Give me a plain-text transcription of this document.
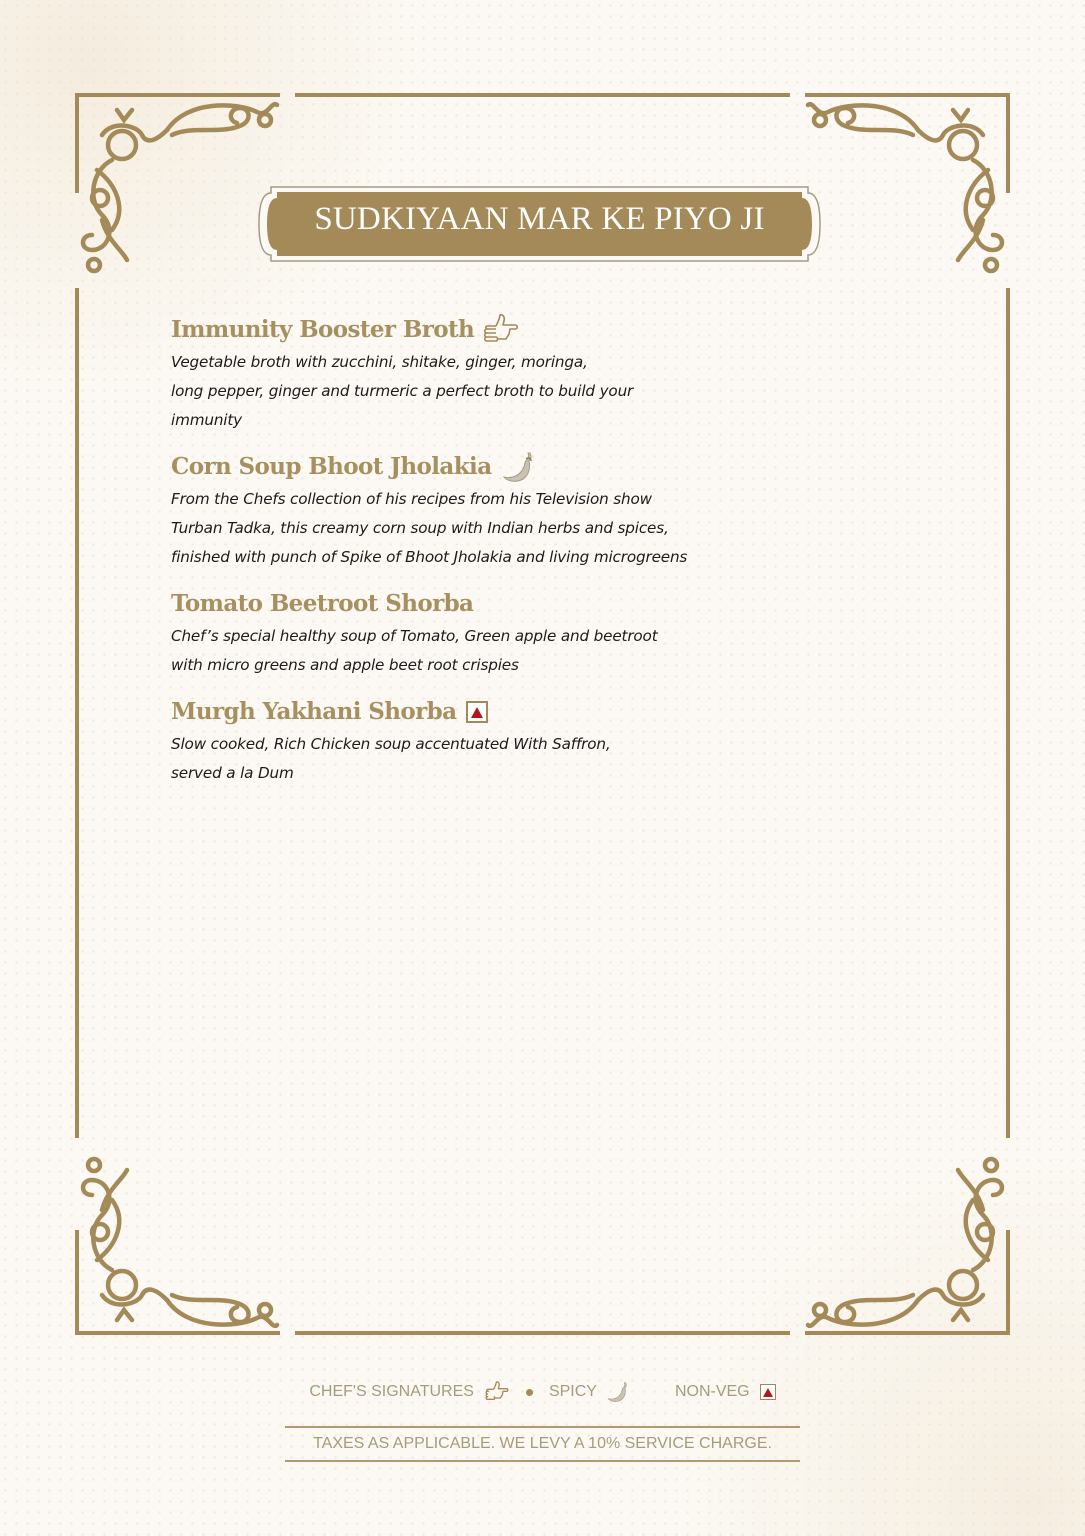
SUDKIYAAN MAR KE PIYO JI
Immunity Booster Broth
Vegetable broth with zucchini, shitake, ginger, moringa,
long pepper, ginger and turmeric a perfect broth to build your
immunity
Corn Soup Bhoot Jholakia
From the Chefs collection of his recipes from his Television show
Turban Tadka, this creamy corn soup with Indian herbs and spices,
finished with punch of Spike of Bhoot Jholakia and living microgreens
Tomato Beetroot Shorba
Chef’s special healthy soup of Tomato, Green apple and beetroot
with micro greens and apple beet root crispies
Murgh Yakhani Shorba
Slow cooked, Rich Chicken soup accentuated With Saffron,
served a la Dum
CHEF'S SIGNATURES	SPICY	NON-VEG
TAXES AS APPLICABLE. WE LEVY A 10% SERVICE CHARGE.
